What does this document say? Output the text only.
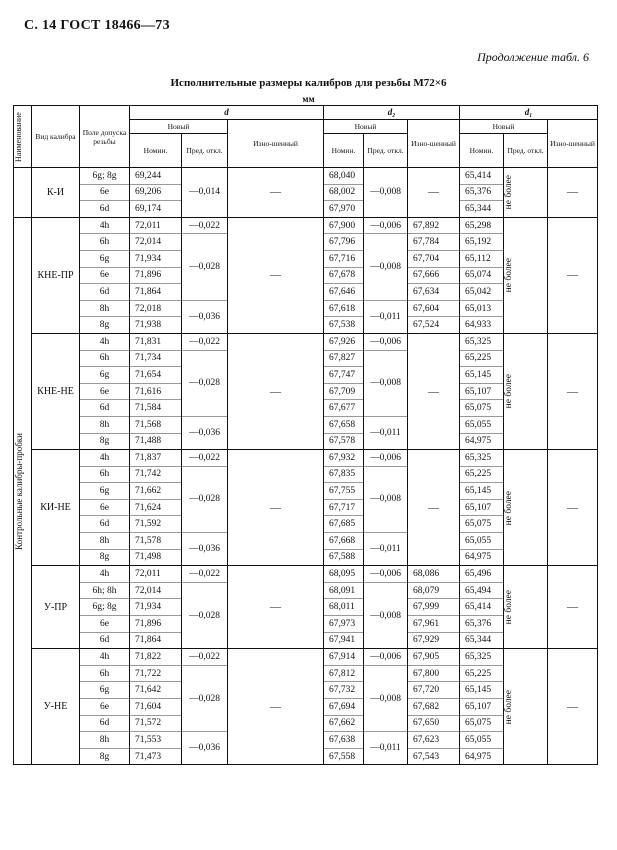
С. 14 ГОСТ 18466—73
Продолжение табл. 6
Исполнительные размеры калибров для резьбы М72×6
мм
Наименование	Вид калибра	Поле допуска резьбы	d			d₂			d₁		
			Новый		Изно-шенный	Новый		Изно-шенный	Новый		Изно-шенный
			Номин.	Пред. откл.		Номин.	Пред. откл.		Номин.	Пред. откл.	
	К-И	6g; 8g	69,244	—0,014	—	68,040	—0,008	—	65,414	не более	—
		6e	69,206			68,002			65,376		
		6d	69,174			67,970			65,344		

Контрольные калибры-пробки	КНЕ-ПР	4h	72,011	—0,022	—	67,900	—0,006	67,892	65,298	не более	—
		6h	72,014	—0,028		67,796	—0,008	67,784	65,192		
		6g	71,934			67,716		67,704	65,112		
		6e	71,896			67,678		67,666	65,074		
		6d	71,864			67,646		67,634	65,042		
		8h	72,018	—0,036		67,618	—0,011	67,604	65,013		
		8g	71,938			67,538		67,524	64,933		
	КНЕ-НЕ	4h	71,831	—0,022	—	67,926	—0,006	—	65,325	не более	—
		6h	71,734	—0,028		67,827	—0,008		65,225		
		6g	71,654			67,747			65,145		
		6e	71,616			67,709			65,107		
		6d	71,584			67,677			65,075		
		8h	71,568	—0,036		67,658	—0,011		65,055		
		8g	71,488			67,578			64,975		
	КИ-НЕ	4h	71,837	—0,022	—	67,932	—0,006	—	65,325	не более	—
		6h	71,742	—0,028		67,835	—0,008		65,225		
		6g	71,662			67,755			65,145		
		6e	71,624			67,717			65,107		
		6d	71,592			67,685			65,075		
		8h	71,578	—0,036		67,668	—0,011		65,055		
		8g	71,498			67,588			64,975		
	У-ПР	4h	72,011	—0,022	—	68,095	—0,006	68,086	65,496	не более	—
		6h; 8h	72,014	—0,028		68,091	—0,008	68,079	65,494		
		6g; 8g	71,934			68,011		67,999	65,414		
		6e	71,896			67,973		67,961	65,376		
		6d	71,864			67,941		67,929	65,344		
	У-НЕ	4h	71,822	—0,022	—	67,914	—0,006	67,905	65,325	не более	—
		6h	71,722	—0,028		67,812	—0,008	67,800	65,225		
		6g	71,642			67,732		67,720	65,145		
		6e	71,604			67,694		67,682	65,107		
		6d	71,572			67,662		67,650	65,075		
		8h	71,553	—0,036		67,638	—0,011	67,623	65,055		
		8g	71,473			67,558		67,543	64,975		
